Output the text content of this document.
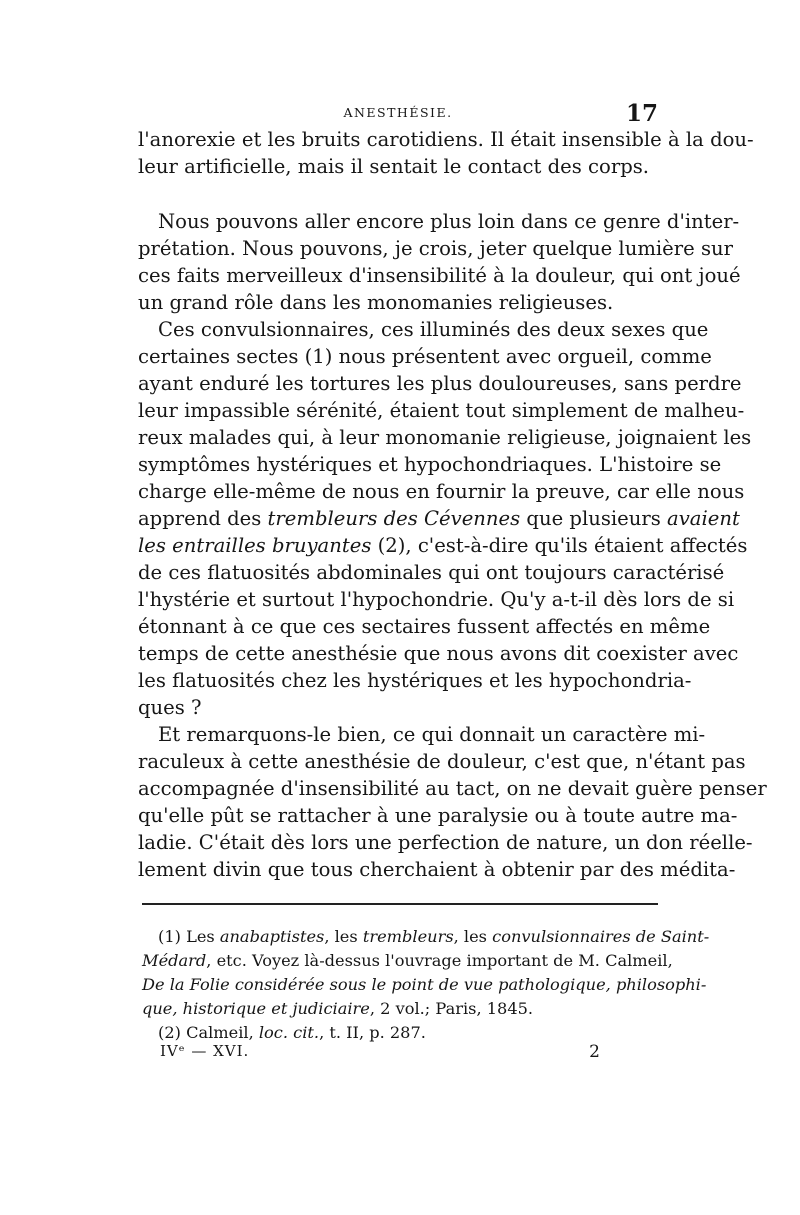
ANESTHÉSIE.	17
l'anorexie et les bruits carotidiens. Il était insensible à la dou-
leur artificielle, mais il sentait le contact des corps.
Nous pouvons aller encore plus loin dans ce genre d'inter-
prétation. Nous pouvons, je crois, jeter quelque lumière sur
ces faits merveilleux d'insensibilité à la douleur, qui ont joué
un grand rôle dans les monomanies religieuses.
Ces convulsionnaires, ces illuminés des deux sexes que
certaines sectes (1) nous présentent avec orgueil, comme
ayant enduré les tortures les plus douloureuses, sans perdre
leur impassible sérénité, étaient tout simplement de malheu-
reux malades qui, à leur monomanie religieuse, joignaient les
symptômes hystériques et hypochondriaques. L'histoire se
charge elle-même de nous en fournir la preuve, car elle nous
apprend des trembleurs des Cévennes que plusieurs avaient
les entrailles bruyantes (2), c'est-à-dire qu'ils étaient affectés
de ces flatuosités abdominales qui ont toujours caractérisé
l'hystérie et surtout l'hypochondrie. Qu'y a-t-il dès lors de si
étonnant à ce que ces sectaires fussent affectés en même
temps de cette anesthésie que nous avons dit coexister avec
les flatuosités chez les hystériques et les hypochondria-
ques ?
Et remarquons-le bien, ce qui donnait un caractère mi-
raculeux à cette anesthésie de douleur, c'est que, n'étant pas
accompagnée d'insensibilité au tact, on ne devait guère penser
qu'elle pût se rattacher à une paralysie ou à toute autre ma-
ladie. C'était dès lors une perfection de nature, un don réelle-
lement divin que tous cherchaient à obtenir par des médita-
(1) Les anabaptistes, les trembleurs, les convulsionnaires de Saint-
Médard, etc. Voyez là-dessus l'ouvrage important de M. Calmeil,
De la Folie considérée sous le point de vue pathologique, philosophi-
que, historique et judiciaire, 2 vol.; Paris, 1845.
(2) Calmeil, loc. cit., t. II, p. 287.
IVᵉ — XVI.	2
